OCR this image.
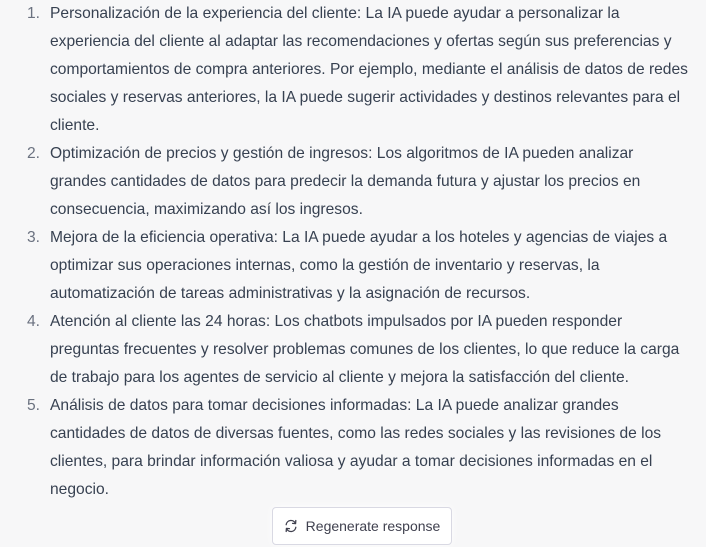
1. Personalización de la experiencia del cliente: La IA puede ayudar a personalizar la experiencia del cliente al adaptar las recomendaciones y ofertas según sus preferencias y comportamientos de compra anteriores. Por ejemplo, mediante el análisis de datos de redes sociales y reservas anteriores, la IA puede sugerir actividades y destinos relevantes para el cliente.
2. Optimización de precios y gestión de ingresos: Los algoritmos de IA pueden analizar grandes cantidades de datos para predecir la demanda futura y ajustar los precios en consecuencia, maximizando así los ingresos.
3. Mejora de la eficiencia operativa: La IA puede ayudar a los hoteles y agencias de viajes a optimizar sus operaciones internas, como la gestión de inventario y reservas, la automatización de tareas administrativas y la asignación de recursos.
4. Atención al cliente las 24 horas: Los chatbots impulsados por IA pueden responder preguntas frecuentes y resolver problemas comunes de los clientes, lo que reduce la carga de trabajo para los agentes de servicio al cliente y mejora la satisfacción del cliente.
5. Análisis de datos para tomar decisiones informadas: La IA puede analizar grandes cantidades de datos de diversas fuentes, como las redes sociales y las revisiones de los clientes, para brindar información valiosa y ayudar a tomar decisiones informadas en el negocio.
Regenerate response
